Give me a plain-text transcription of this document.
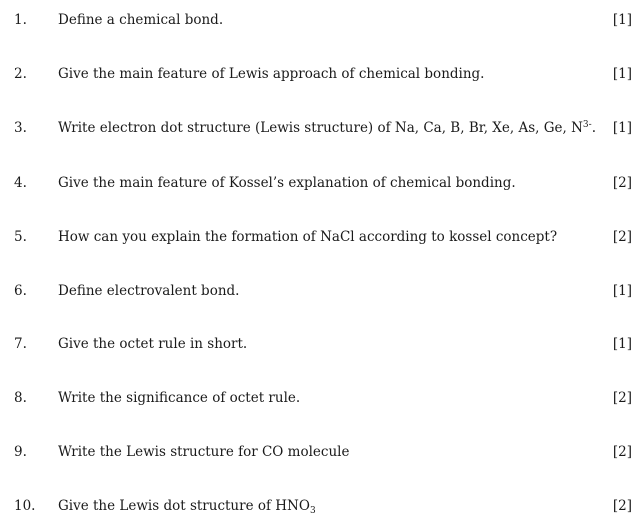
1. Define a chemical bond.	[1]
2. Give the main feature of Lewis approach of chemical bonding.	[1]
3. Write electron dot structure (Lewis structure) of Na, Ca, B, Br, Xe, As, Ge, $N^{3-}$. [1]
4. Give the main feature of Kossel’s explanation of chemical bonding.	[2]
5. How can you explain the formation of NaCl according to kossel concept?	[2]
6. Define electrovalent bond.	[1]
7. Give the octet rule in short.	[1]
8. Write the significance of octet rule.	[2]
9. Write the Lewis structure for CO molecule	[2]
10. Give the Lewis dot structure of $HNO_3$	[2]
